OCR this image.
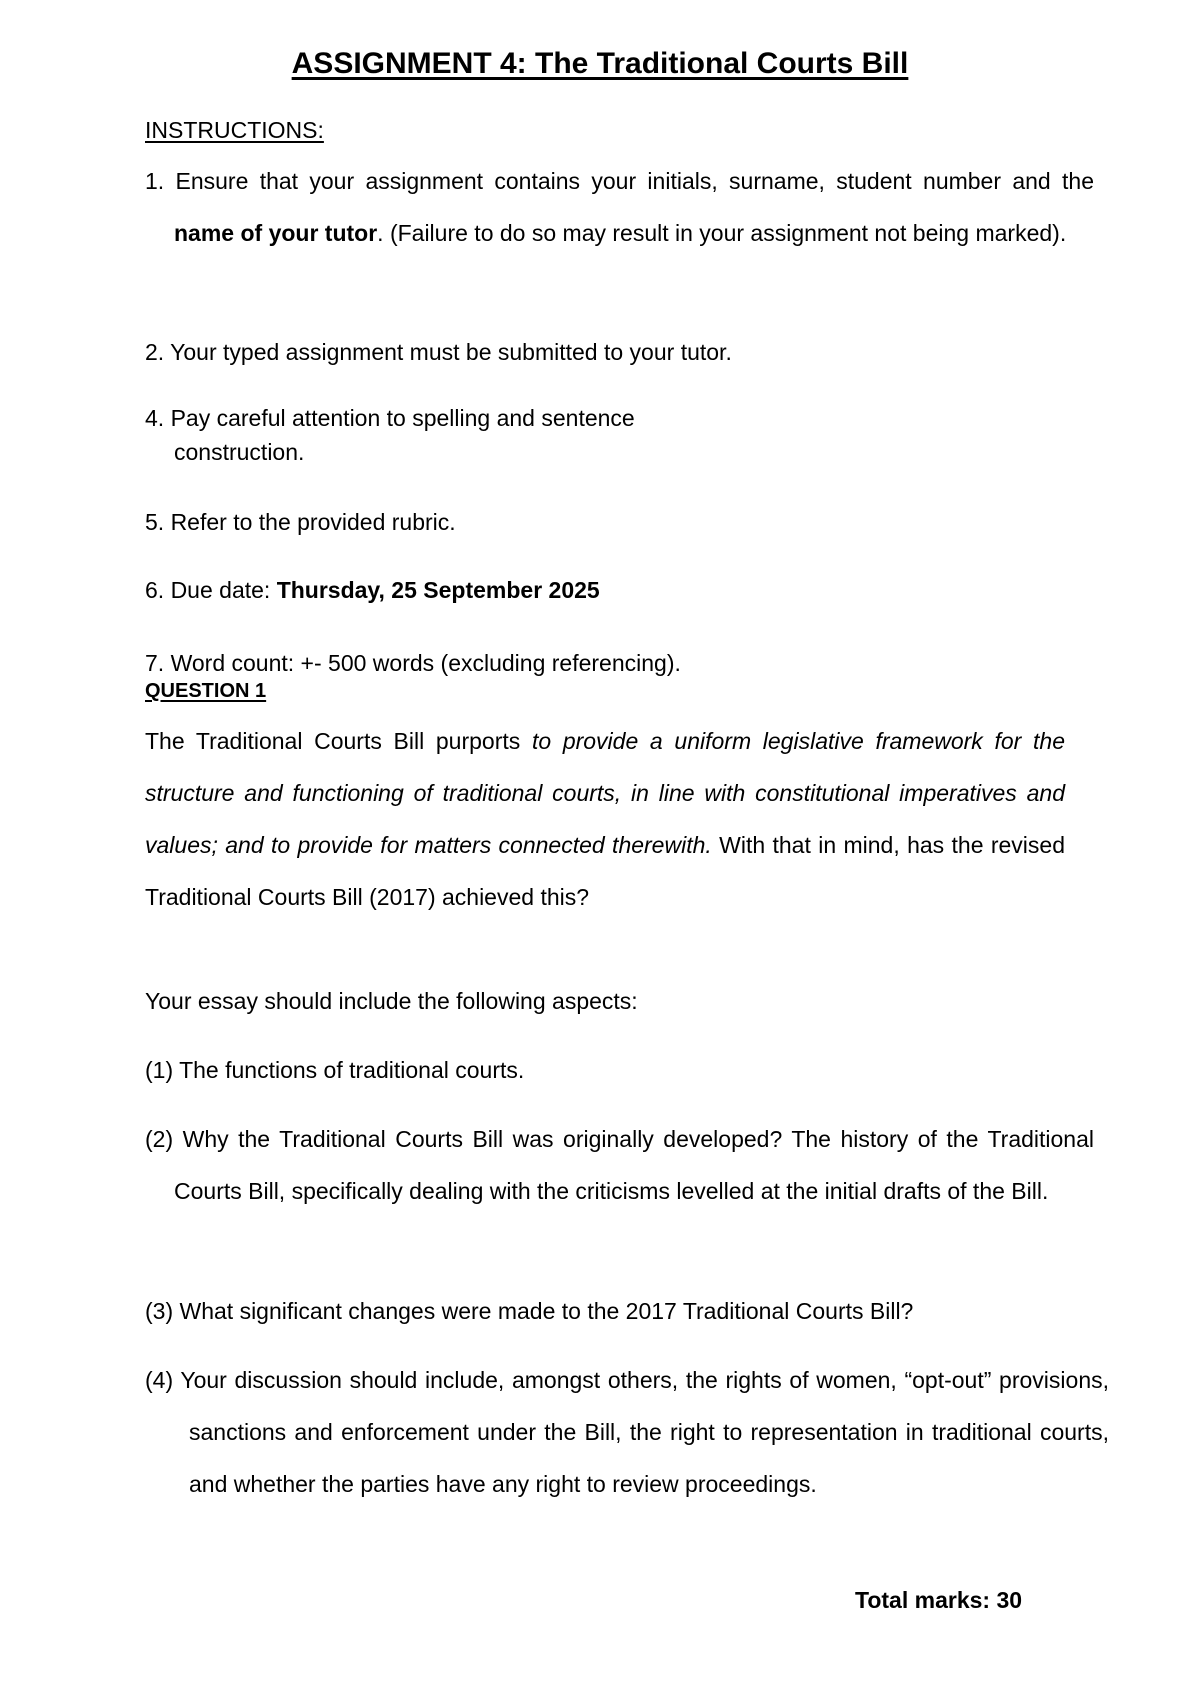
ASSIGNMENT 4: The Traditional Courts Bill

INSTRUCTIONS:

1. Ensure that your assignment contains your initials, surname, student number and the name of your tutor. (Failure to do so may result in your assignment not being marked).

2. Your typed assignment must be submitted to your tutor.

4. Pay careful attention to spelling and sentence
construction.

5. Refer to the provided rubric.

6. Due date: Thursday, 25 September 2025

7. Word count: +- 500 words (excluding referencing).

QUESTION 1

The Traditional Courts Bill purports to provide a uniform legislative framework for the structure and functioning of traditional courts, in line with constitutional imperatives and values; and to provide for matters connected therewith. With that in mind, has the revised Traditional Courts Bill (2017) achieved this?

Your essay should include the following aspects:

(1) The functions of traditional courts.

(2) Why the Traditional Courts Bill was originally developed? The history of the Traditional Courts Bill, specifically dealing with the criticisms levelled at the initial drafts of the Bill.

(3) What significant changes were made to the 2017 Traditional Courts Bill?

(4) Your discussion should include, amongst others, the rights of women, “opt-out” provisions, sanctions and enforcement under the Bill, the right to representation in traditional courts, and whether the parties have any right to review proceedings.

Total marks: 30
